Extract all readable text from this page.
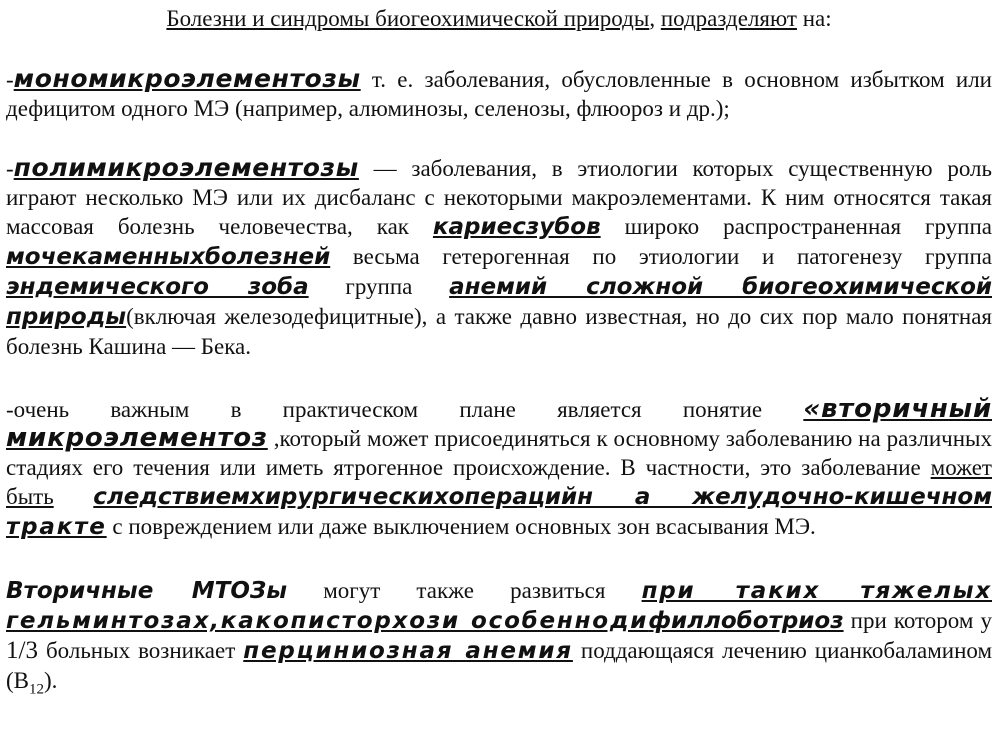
Болезни и синдромы биогеохимической природы, подразделяют на:

-мономикроэлементозы т. е. заболевания, обусловленные в основном избытком или дефицитом одного МЭ (например, алюминозы, селенозы, флюороз и др.);

-полимикроэлементозы — заболевания, в этиологии которых существенную роль играют несколько МЭ или их дисбаланс с некоторыми макроэлементами. К ним относятся такая массовая болезнь человечества, как кариесзубов широко распространенная группа мочекаменныхболезней весьма гетерогенная по этиологии и патогенезу группа эндемического зоба группа анемий сложной биогеохимической природы(включая железодефицитные), а также давно известная, но до сих пор мало понятная болезнь Кашина — Бека.

-очень важным в практическом плане является понятие «вторичный микроэлементоз ,который может присоединяться к основному заболеванию на различных стадиях его течения или иметь ятрогенное происхождение. В частности, это заболевание может быть следствиемхирургическихоперацийн а желудочно-кишечном тракте с повреждением или даже выключением основных зон всасывания МЭ.

Вторичные МТОЗы могут также развиться при таких тяжелых гельминтозах,какописторхози особеннодифиллоботриоз при котором у 1/3 больных возникает перциниозная анемия поддающаяся лечению цианкобаламином $(B_{12})$.
